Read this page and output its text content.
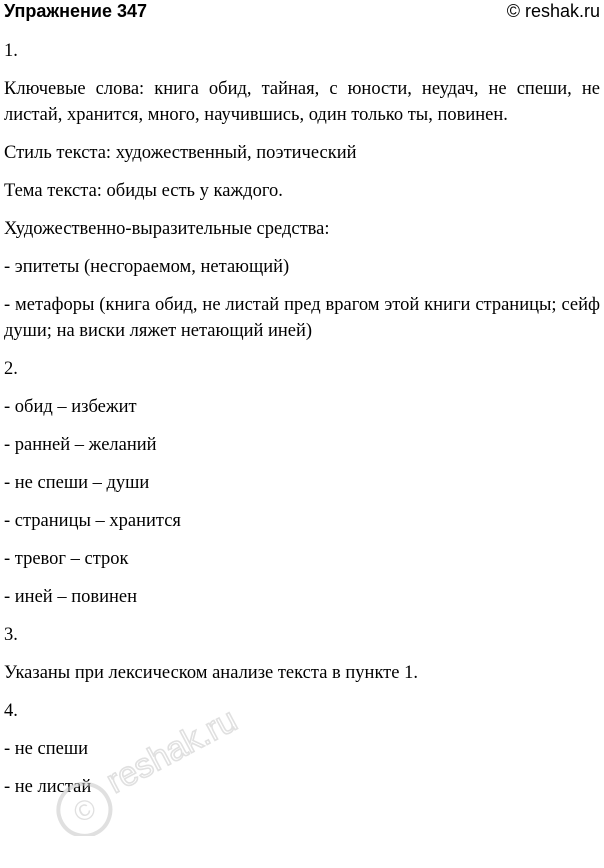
Упражнение 347	© reshak.ru

1.

Ключевые слова: книга обид, тайная, с юности, неудач, не спеши, не листай, хранится, много, научившись, один только ты, повинен.

Стиль текста: художественный, поэтический

Тема текста: обиды есть у каждого.

Художественно-выразительные средства:

- эпитеты (несгораемом, нетающий)

- метафоры (книга обид, не листай пред врагом этой книги страницы; сейф души; на виски ляжет нетающий иней)

2.

- обид – избежит

- ранней – желаний

- не спеши – души

- страницы – хранится

- тревог – строк

- иней – повинен

3.

Указаны при лексическом анализе текста в пункте 1.

4.

- не спеши

- не листай

©
reshak.ru
